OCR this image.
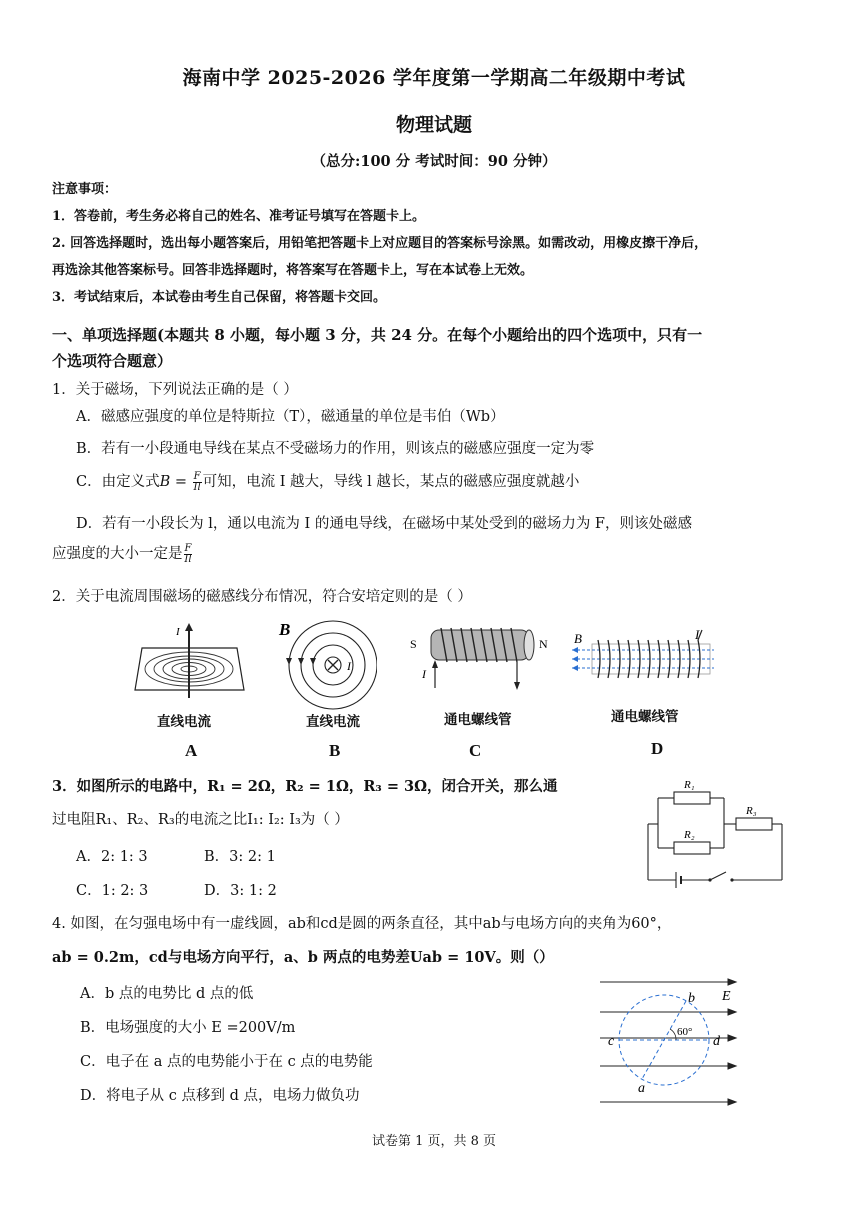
海南中学 2025-2026 学年度第一学期高二年级期中考试
物理试题
（总分:100 分 考试时间：90 分钟）
注意事项：
1．答卷前，考生务必将自己的姓名、准考证号填写在答题卡上。
2. 回答选择题时，选出每小题答案后，用铅笔把答题卡上对应题目的答案标号涂黑。如需改动，用橡皮擦干净后，
再选涂其他答案标号。回答非选择题时，将答案写在答题卡上，写在本试卷上无效。
3．考试结束后，本试卷由考生自己保留，将答题卡交回。
一、单项选择题(本题共 8 小题，每小题 3 分，共 24 分。在每个小题给出的四个选项中，只有一
个选项符合题意）
1．关于磁场，下列说法正确的是（ ）
A．磁感应强度的单位是特斯拉（T），磁通量的单位是韦伯（Wb）
B．若有一小段通电导线在某点不受磁场力的作用，则该点的磁感应强度一定为零
C．由定义式$B = \frac{F}{Il}$ 可知，电流 I 越大，导线 l 越长，某点的磁感应强度就越小
D．若有一小段长为 l，通以电流为 I 的通电导线，在磁场中某处受到的磁场力为 F，则该处磁感
应强度的大小一定是 $\frac{F}{Il}$
2．关于电流周围磁场的磁感线分布情况，符合安培定则的是（ ）
I	B
I
S	N
I
B	I
直线电流	直线电流	通电螺线管	通电螺线管
A	B	C	D
3．如图所示的电路中，R₁ = 2Ω，R₂ = 1Ω，R₃ = 3Ω，闭合开关，那么通
过电阻R₁、R₂、R₃的电流之比I₁: I₂: I₃为（ ）
A．2: 1: 3	B．3: 2: 1
C．1: 2: 3	D．3: 1: 2
R₁
R₂
R₃
4. 如图，在匀强电场中有一虚线圆，ab和cd是圆的两条直径，其中ab与电场方向的夹角为60°，
ab = 0.2m，cd与电场方向平行，a、b 两点的电势差Uab = 10V。则（）
A．b 点的电势比 d 点的低
B．电场强度的大小 E =200V/m
C．电子在 a 点的电势能小于在 c 点的电势能
D．将电子从 c 点移到 d 点，电场力做负功
b E
60°
c	d
a
试卷第 1 页，共 8 页
